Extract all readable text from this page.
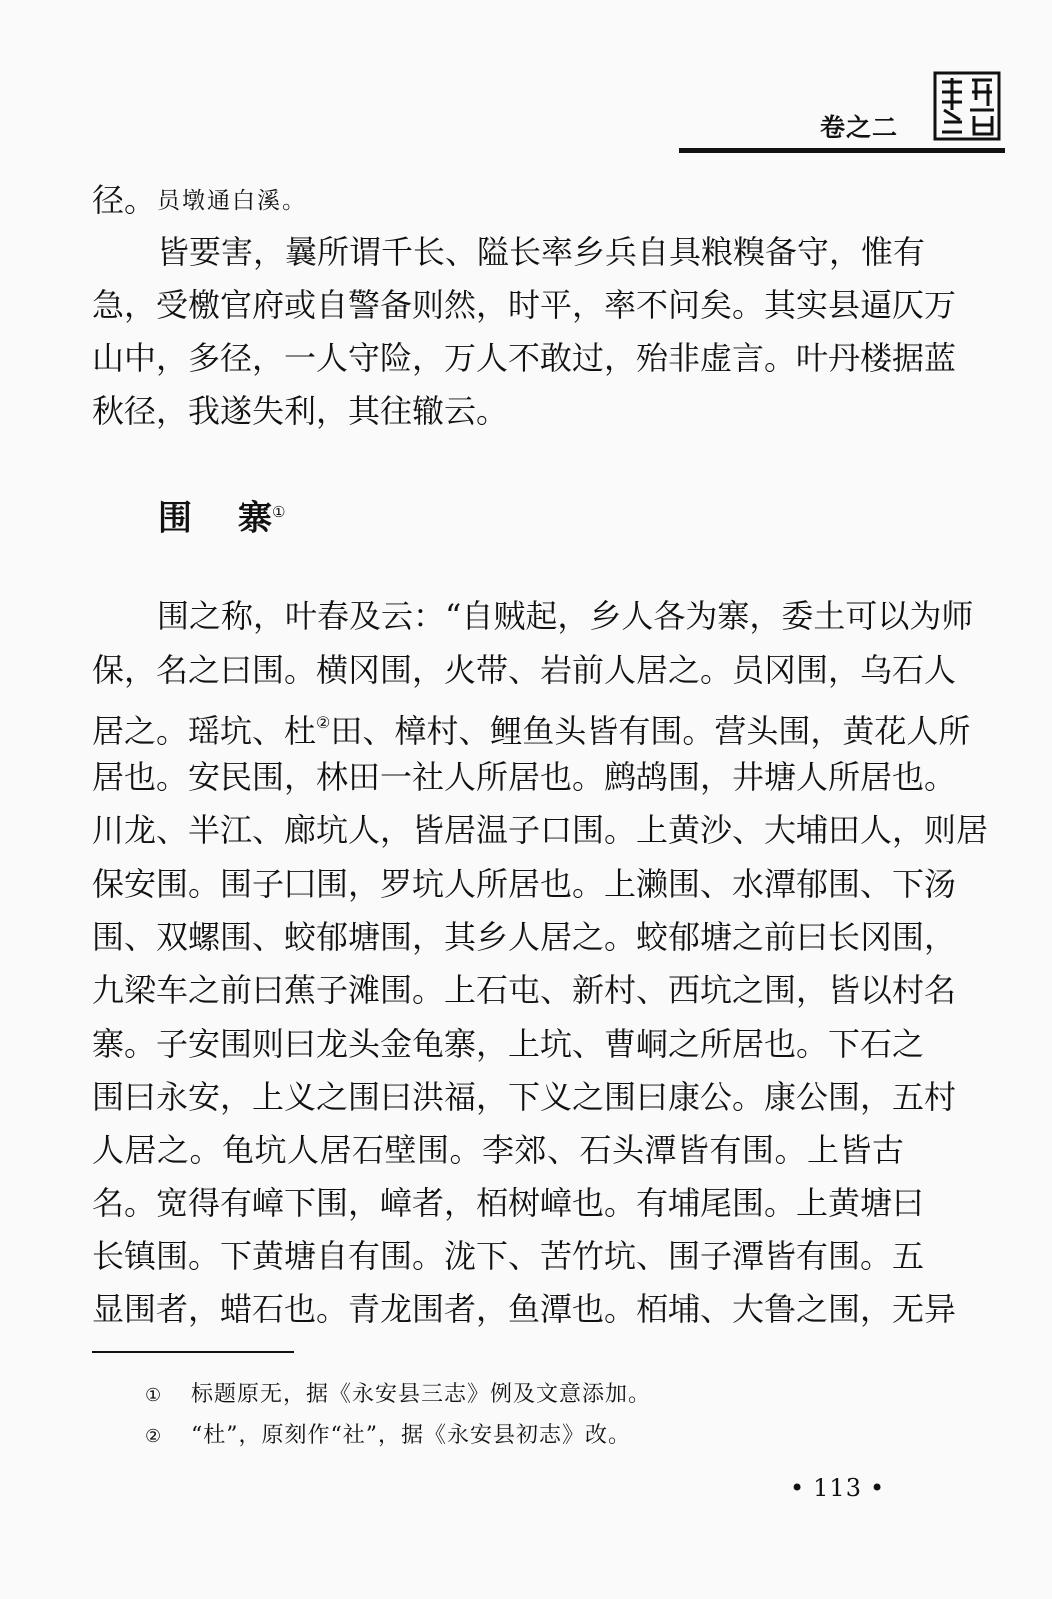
卷之二
径。 员墩通白溪。
皆要害，曩所谓千长、隘长率乡兵自具粮糗备守，惟有
急，受檄官府或自警备则然，时平，率不问矣。其实县逼仄万
山中，多径，一人守险，万人不敢过，殆非虚言。叶丹楼据蓝
秋径，我遂失利，其往辙云。
围 寨①
围之称，叶春及云：“自贼起，乡人各为寨，委土可以为师
保，名之曰围。横冈围，火带、岩前人居之。员冈围，乌石人
居之。瑶坑、杜②田、樟村、鲤鱼头皆有围。营头围，黄花人所
居也。安民围，林田一社人所居也。鹧鸪围，井塘人所居也。
川龙、半江、廊坑人，皆居温子口围。上黄沙、大埔田人，则居
保安围。围子囗围，罗坑人所居也。上濑围、水潭郁围、下汤
围、双螺围、蛟郁塘围，其乡人居之。蛟郁塘之前曰长冈围，
九梁车之前曰蕉子滩围。上石屯、新村、西坑之围，皆以村名
寨。子安围则曰龙头金龟寨，上坑、曹峒之所居也。下石之
围曰永安，上义之围曰洪福，下义之围曰康公。康公围，五村
人居之。龟坑人居石壁围。李郊、石头潭皆有围。上皆古
名。宽得有嶂下围，嶂者，栢树嶂也。有埔尾围。上黄塘曰
长镇围。下黄塘自有围。泷下、苦竹坑、围子潭皆有围。五
显围者，蜡石也。青龙围者，鱼潭也。栢埔、大鲁之围，无异
① 标题原无，据《永安县三志》例及文意添加。
② “杜”，原刻作“社”，据《永安县初志》改。
• 113 •
